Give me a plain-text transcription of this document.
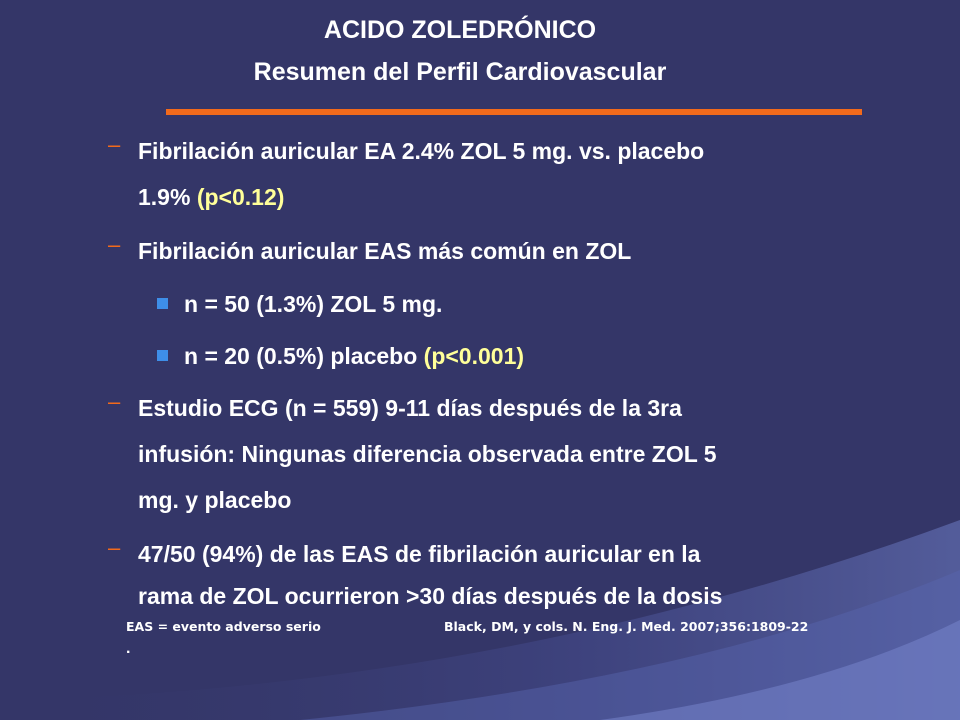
ACIDO ZOLEDRÓNICO
Resumen del Perfil Cardiovascular
– Fibrilación auricular EA 2.4% ZOL 5 mg. vs. placebo
1.9% (p<0.12)
– Fibrilación auricular EAS más común en ZOL
n = 50 (1.3%) ZOL 5 mg.
n = 20 (0.5%) placebo (p<0.001)
– Estudio ECG (n = 559) 9-11 días después de la 3ra
infusión: Ningunas diferencia observada entre ZOL 5
mg. y placebo
– 47/50 (94%) de las EAS de fibrilación auricular en la
rama de ZOL ocurrieron >30 días después de la dosis
EAS = evento adverso serio	Black, DM, y cols. N. Eng. J. Med. 2007;356:1809-22
.
